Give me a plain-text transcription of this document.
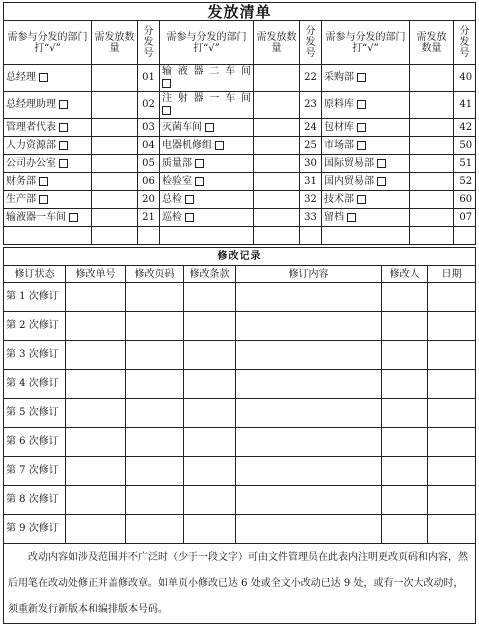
发放清单								
需参与分发的部门打“√”	需发放数量	分发号	需参与分发的部门打“√”	需发放数量	分发号	需参与分发的部门打“√”	需发放数量	分发号
总经理		01	输液器二车间		22	采购部		40
总经理助理		02	注射器一车间		23	原料库		41
管理者代表		03	灭菌车间		24	包材库		42
人力资源部		04	电器机修组		25	市场部		50
公司办公室		05	质量部		30	国际贸易部		51
财务部		06	检验室		31	国内贸易部		52
生产部		20	总检		32	技术部		60
输液器一车间		21	巡检		33	留档		07

修改记录						
修订状态	修改单号	修改页码	修改条款	修订内容	修改人	日期
第 1 次修订						
第 2 次修订						
第 3 次修订						
第 4 次修订						
第 5 次修订						
第 6 次修订						
第 7 次修订						
第 8 次修订						
第 9 次修订						
改动内容如涉及范围并不广泛时（少于一段文字）可由文件管理员在此表内注明更改页码和内容，然后用笔在改动处修正并盖修改章。如单页小修改已达 6 处或全文小改动已达 9 处，或有一次大改动时，须重新发行新版本和编排版本号码。						
